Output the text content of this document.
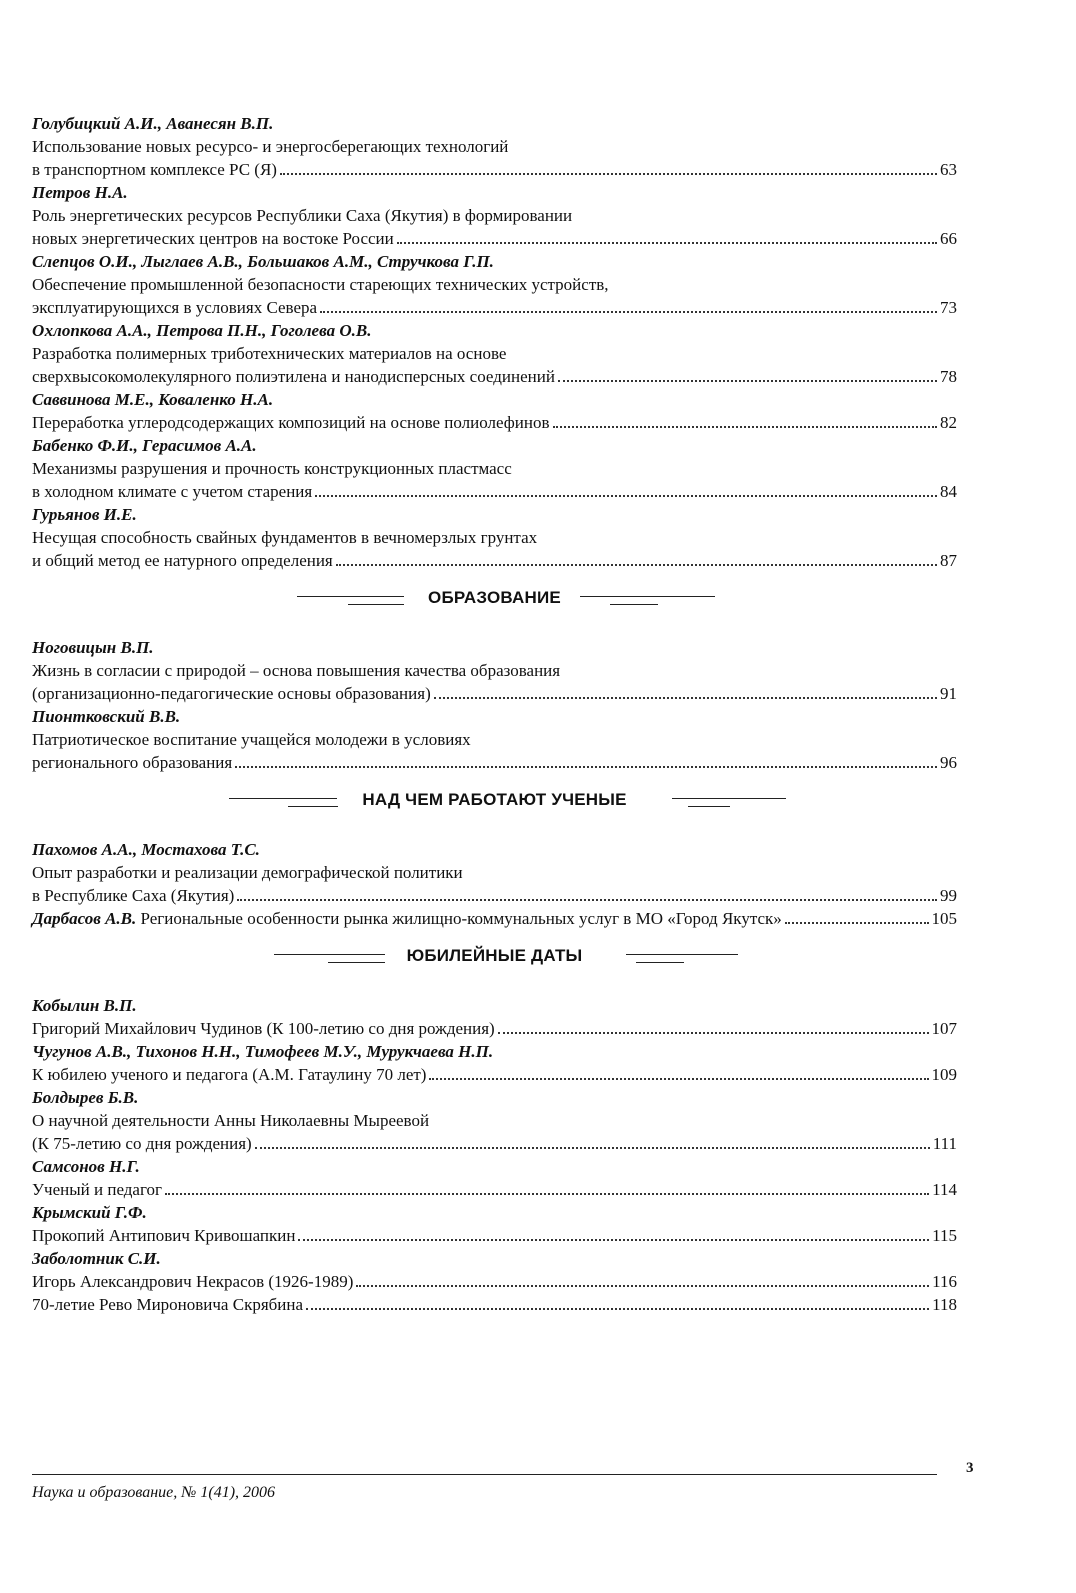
Голубицкий А.И., Аванесян В.П.
Использование новых ресурсо- и энергосберегающих технологий
в транспортном комплексе РС (Я)	63
Петров Н.А.
Роль энергетических ресурсов Республики Саха (Якутия) в формировании
новых энергетических центров на востоке России	66
Слепцов О.И., Лыглаев А.В., Большаков А.М., Стручкова Г.П.
Обеспечение промышленной безопасности стареющих технических устройств,
эксплуатирующихся в условиях Севера	73
Охлопкова А.А., Петрова П.Н., Гоголева О.В.
Разработка полимерных триботехнических материалов на основе
сверхвысокомолекулярного полиэтилена и нанодисперсных соединений	78
Саввинова М.Е., Коваленко Н.А.
Переработка углеродсодержащих композиций на основе полиолефинов	82
Бабенко Ф.И., Герасимов А.А.
Механизмы разрушения и прочность конструкционных пластмасс
в холодном климате с учетом старения	84
Гурьянов И.Е.
Несущая способность свайных фундаментов в вечномерзлых грунтах
и общий метод ее натурного определения	87
ОБРАЗОВАНИЕ
Ноговицын В.П.
Жизнь в согласии с природой – основа повышения качества образования
(организационно-педагогические основы образования)	91
Пионтковский В.В.
Патриотическое воспитание учащейся молодежи в условиях
регионального образования	96
НАД ЧЕМ РАБОТАЮТ УЧЕНЫЕ
Пахомов А.А., Мостахова Т.С.
Опыт разработки и реализации демографической политики
в Республике Саха (Якутия)	99
Дарбасов А.В. Региональные особенности рынка жилищно-коммунальных услуг в МО «Город Якутск»	105
ЮБИЛЕЙНЫЕ ДАТЫ
Кобылин В.П.
Григорий Михайлович Чудинов (К 100-летию со дня рождения)	107
Чугунов А.В., Тихонов Н.Н., Тимофеев М.У., Мурукчаева Н.П.
К юбилею ученого и педагога (А.М. Гатаулину 70 лет)	109
Болдырев Б.В.
О научной деятельности Анны Николаевны Мыреевой
(К 75-летию со дня рождения)	111
Самсонов Н.Г.
Ученый и педагог	114
Крымский Г.Ф.
Прокопий Антипович Кривошапкин	115
Заболотник С.И.
Игорь Александрович Некрасов (1926-1989)	116
70-летие Рево Мироновича Скрябина	118
3
Наука и образование, № 1(41), 2006
